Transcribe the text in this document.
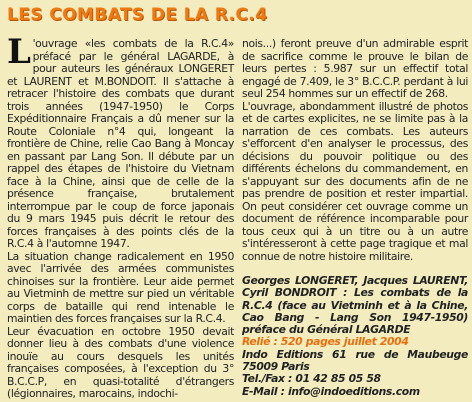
LES COMBATS DE LA R.C.4

L 'ouvrage «les combats de la R.C.4» préfacé par le général LAGARDE, à pour auteurs les généraux LONGERET et LAURENT et M.BONDOIT. Il s'attache à retracer l'histoire des combats que durant trois années (1947-1950) le Corps Expéditionnaire Français a dû mener sur la Route Coloniale n°4 qui, longeant la frontière de Chine, relie Cao Bang à Moncay en passant par Lang Son. Il débute par un rappel des étapes de l'histoire du Vietnam face à la Chine, ainsi que de celle de la présence française, brutalement interrompue par le coup de force japonais du 9 mars 1945 puis décrit le retour des forces françaises à des points clés de la R.C.4 à l'automne 1947.

La situation change radicalement en 1950 avec l'arrivée des armées communistes chinoises sur la frontière. Leur aide permet au Vietminh de mettre sur pied un véritable corps de bataille qui rend intenable le maintien des forces françaises sur la R.C.4.

Leur évacuation en octobre 1950 devait donner lieu à des combats d'une violence inouïe au cours desquels les unités françaises composées, à l'exception du 3° B.C.C.P, en quasi-totalité d'étrangers (légionnaires, marocains, indochi-

nois...) feront preuve d'un admirable esprit de sacrifice comme le prouve le bilan de leurs pertes : 5.987 sur un effectif total engagé de 7.409, le 3° B.C.C.P. perdant à lui seul 254 hommes sur un effectif de 268.

L'ouvrage, abondamment illustré de photos et de cartes explicites, ne se limite pas à la narration de ces combats. Les auteurs s'efforcent d'en analyser le processus, des décisions du pouvoir politique ou des différents échelons du commandement, en s'appuyant sur des documents afin de ne pas prendre de position et rester impartial. On peut considérer cet ouvrage comme un document de référence incomparable pour tous ceux qui à un titre ou à un autre s'intéresseront à cette page tragique et mal connue de notre histoire militaire.

Georges LONGERET, Jacques LAURENT, Cyril BONDROIT : Les combats de la R.C.4 (face au Vietminh et à la Chine, Cao Bang - Lang Son 1947-1950) préface du Général LAGARDE
Relié : 520 pages juillet 2004
Indo Editions 61 rue de Maubeuge 75009 Paris
Tel./Fax : 01 42 85 05 58
E-Mail : info@indoeditions.com
